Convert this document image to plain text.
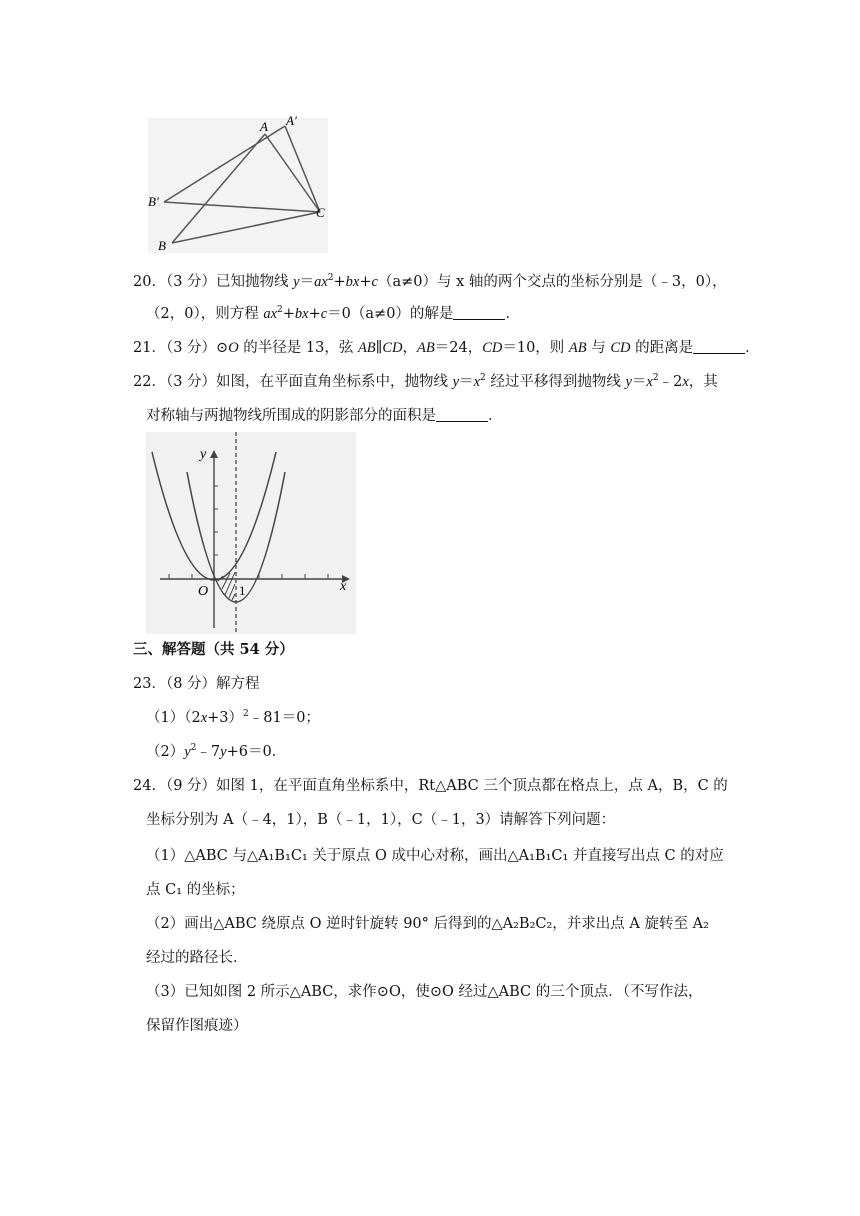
A A′
B′
C
B
20．（3 分）已知抛物线 $y=ax^2+bx+c(a\ne 0)$与 x 轴的两个交点的坐标分别是（﹣3，0），
（2，0），则方程 $ax^2+bx+c=0(a\ne 0)$的解是	．
21．（3 分）⊙O 的半径是 13，弦 AB∥CD，AB＝24，CD＝10，则 AB 与 CD 的距离是	．
22．（3 分）如图，在平面直角坐标系中，抛物线 $y=x^2$ 经过平移得到抛物线 $y=x^2﹣2x$，其
对称轴与两抛物线所围成的阴影部分的面积是	．
y
x
O 1
三、解答题（共 54 分）
23．（8 分）解方程
$(1)(2x+3)^2﹣81=0$；
$(2)y^2﹣7y+6=0$．
24．（9 分）如图 1，在平面直角坐标系中，Rt△ABC 三个顶点都在格点上，点 A，B，C 的
坐标分别为 A（﹣4，1），B（﹣1，1），C（﹣1，3）请解答下列问题：
（1）△ABC 与△A₁B₁C₁ 关于原点 O 成中心对称，画出△A₁B₁C₁ 并直接写出点 C 的对应
点 C₁ 的坐标；
（2）画出△ABC 绕原点 O 逆时针旋转 90° 后得到的△A₂B₂C₂，并求出点 A 旋转至 A₂
经过的路径长．
（3）已知如图 2 所示△ABC，求作⊙O，使⊙O 经过△ABC 的三个顶点．（不写作法，
保留作图痕迹）
